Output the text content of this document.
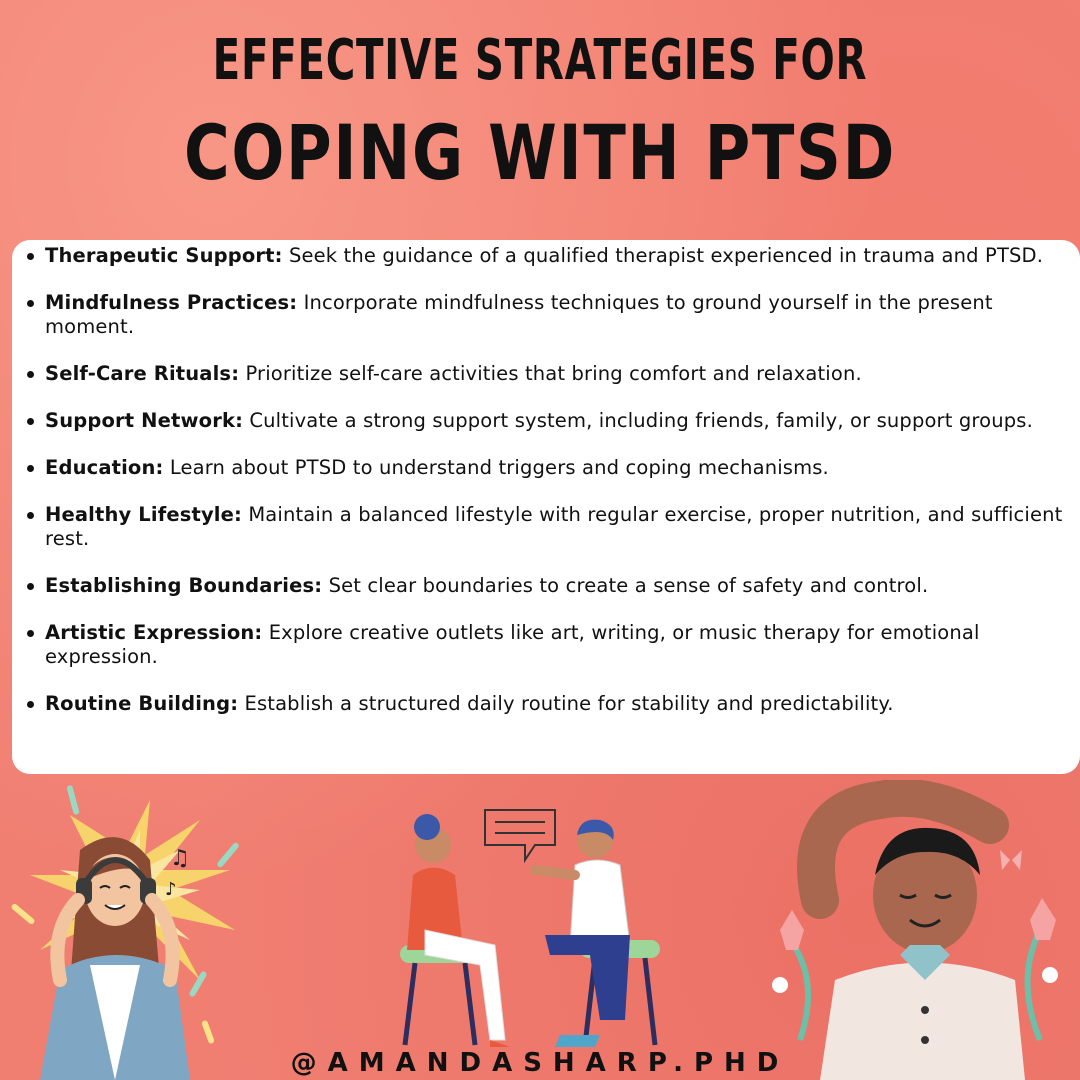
EFFECTIVE STRATEGIES FOR
COPING WITH PTSD
Therapeutic Support: Seek the guidance of a qualified therapist experienced in trauma and PTSD.
Mindfulness Practices: Incorporate mindfulness techniques to ground yourself in the present moment.
Self-Care Rituals: Prioritize self-care activities that bring comfort and relaxation.
Support Network: Cultivate a strong support system, including friends, family, or support groups.
Education: Learn about PTSD to understand triggers and coping mechanisms.
Healthy Lifestyle: Maintain a balanced lifestyle with regular exercise, proper nutrition, and sufficient rest.
Establishing Boundaries: Set clear boundaries to create a sense of safety and control.
Artistic Expression: Explore creative outlets like art, writing, or music therapy for emotional expression.
Routine Building: Establish a structured daily routine for stability and predictability.
♫
♪
@AMANDASHARP.PHD
